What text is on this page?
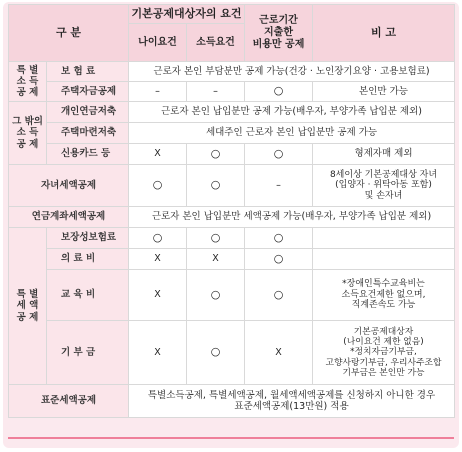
구 분		기본공제대상자의 요건		근로기간
지출한
비용만 공제	비 고
		나이요건	소득요건		
특 별
소 득
공 제	보 험 료	근로자 본인 부담분만 공제 가능(건강 · 노인장기요양 · 고용보험료)			
	주택자금공제	–	–	○	본인만 가능
그 밖의
소 득
공 제	개인연금저축	근로자 본인 납입분만 공제 가능(배우자, 부양가족 납입분 제외)			
	주택마련저축	세대주인 근로자 본인 납입분만 공제 가능			
	신용카드 등	X	○	○	형제자매 제외
자녀세액공제		○	○	–	8세이상 기본공제대상 자녀
(입양자 · 위탁아동 포함)
및 손자녀
연금계좌세액공제		근로자 본인 납입분만 세액공제 가능(배우자, 부양가족 납입분 제외)			
특 별
세 액
공 제	보장성보험료	○	○	○	
	의 료 비	X	X	○	
	교 육 비	X	○	○	*장애인특수교육비는
소득요건제한 없으며,
직계존속도 가능
	기 부 금	X	○	X	기본공제대상자
(나이요건 제한 없음)
*정치자금기부금,
고향사랑기부금, 우리사주조합
기부금은 본인만 가능
표준세액공제		특별소득공제, 특별세액공제, 월세액세액공제를 신청하지 아니한 경우
표준세액공제(13만원) 적용			
